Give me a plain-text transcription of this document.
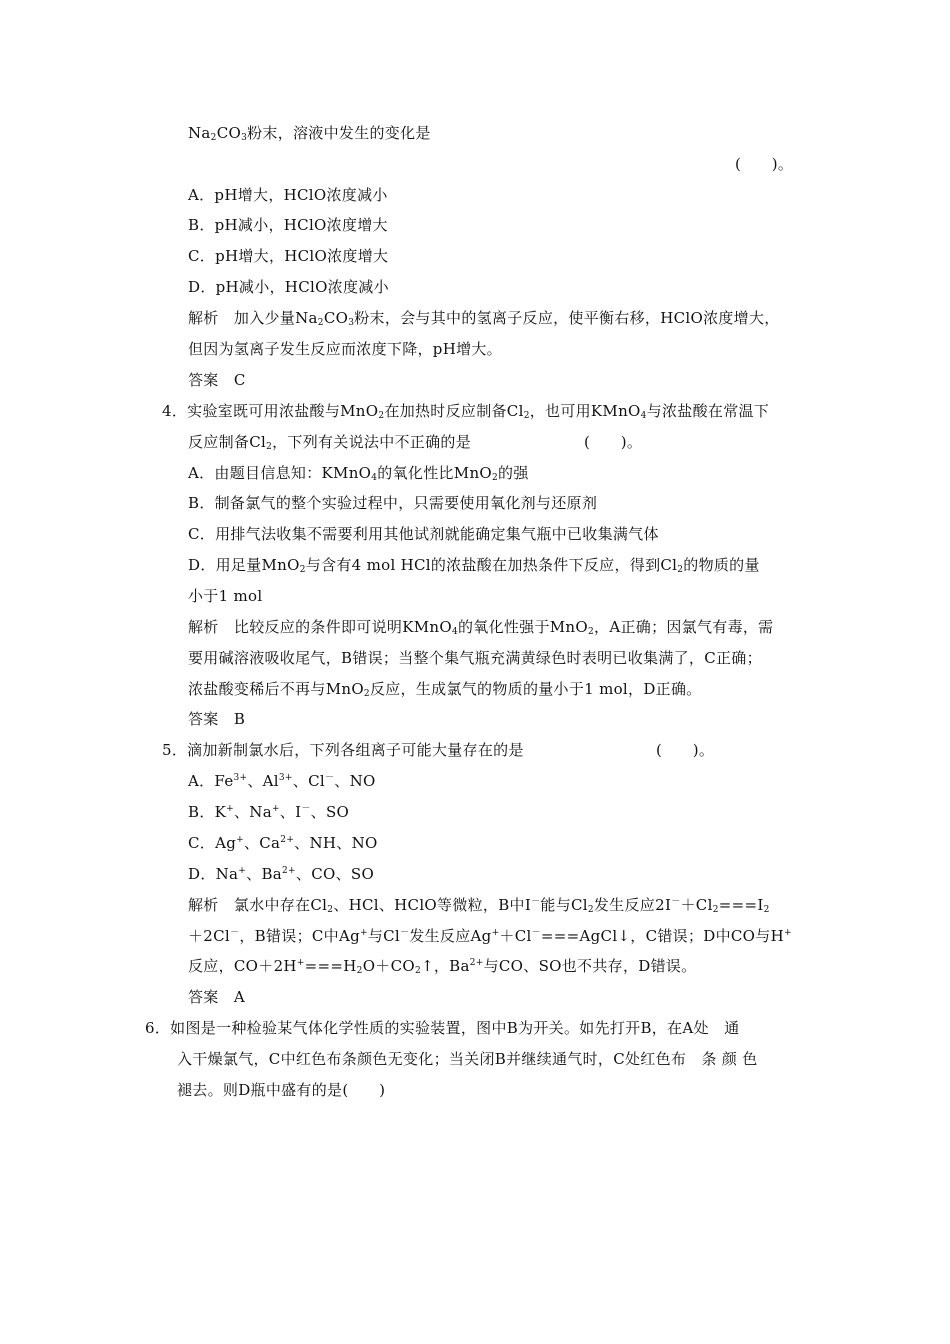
$Na_2CO_3$粉末，溶液中发生的变化是
(　　)。
A．pH增大，HClO浓度减小
B．pH减小，HClO浓度增大
C．pH增大，HClO浓度增大
D．pH减小，HClO浓度减小
解析　加入少量$Na_2CO_3$粉末，会与其中的氢离子反应，使平衡右移，HClO浓度增大，
但因为氢离子发生反应而浓度下降，pH增大。
答案　C
4．实验室既可用浓盐酸与MnO$_2$在加热时反应制备$Cl_2$，也可用KMnO$_4$与浓盐酸在常温下
反应制备$Cl_2$，下列有关说法中不正确的是	(　　)。
A．由题目信息知：KMnO$_4$的氧化性比MnO$_2$的强
B．制备氯气的整个实验过程中，只需要使用氧化剂与还原剂
C．用排气法收集不需要利用其他试剂就能确定集气瓶中已收集满气体
D．用足量MnO$_2$与含有4 mol HCl的浓盐酸在加热条件下反应，得到$Cl_2$的物质的量
小于1 mol
解析　比较反应的条件即可说明KMnO$_4$的氧化性强于MnO$_2$，A正确；因氯气有毒，需
要用碱溶液吸收尾气，B错误；当整个集气瓶充满黄绿色时表明已收集满了，C正确；
浓盐酸变稀后不再与MnO$_2$反应，生成氯气的物质的量小于1 mol，D正确。
答案　B
5．滴加新制氯水后，下列各组离子可能大量存在的是	(　　)。
A．$Fe^{3+}$、$Al^{3+}$、Cl－、NO
B．K+、Na+、I－、SO
C．Ag+、$Ca^{2+}$、NH、NO
D．Na+、$Ba^{2+}$、CO、SO
解析　氯水中存在$Cl_2$、HCl、HClO等微粒，B中I－能与$Cl_2$发生反应$2I^-+Cl_2===I_2$
＋2Cl－，B错误；C中Ag+与Cl－发生反应Ag+＋Cl－===AgCl↓，C错误；D中CO与H+
反应，$CO+2H^+===H_2O+CO_2↑$，$Ba^{2+}$与CO、SO也不共存，D错误。
答案　A
6．如图是一种检验某气体化学性质的实验装置，图中B为开关。如先打开B，在A处　通
入干燥氯气，C中红色布条颜色无变化；当关闭B并继续通气时，C处红色布　条 颜 色
褪去。则D瓶中盛有的是(　　)
